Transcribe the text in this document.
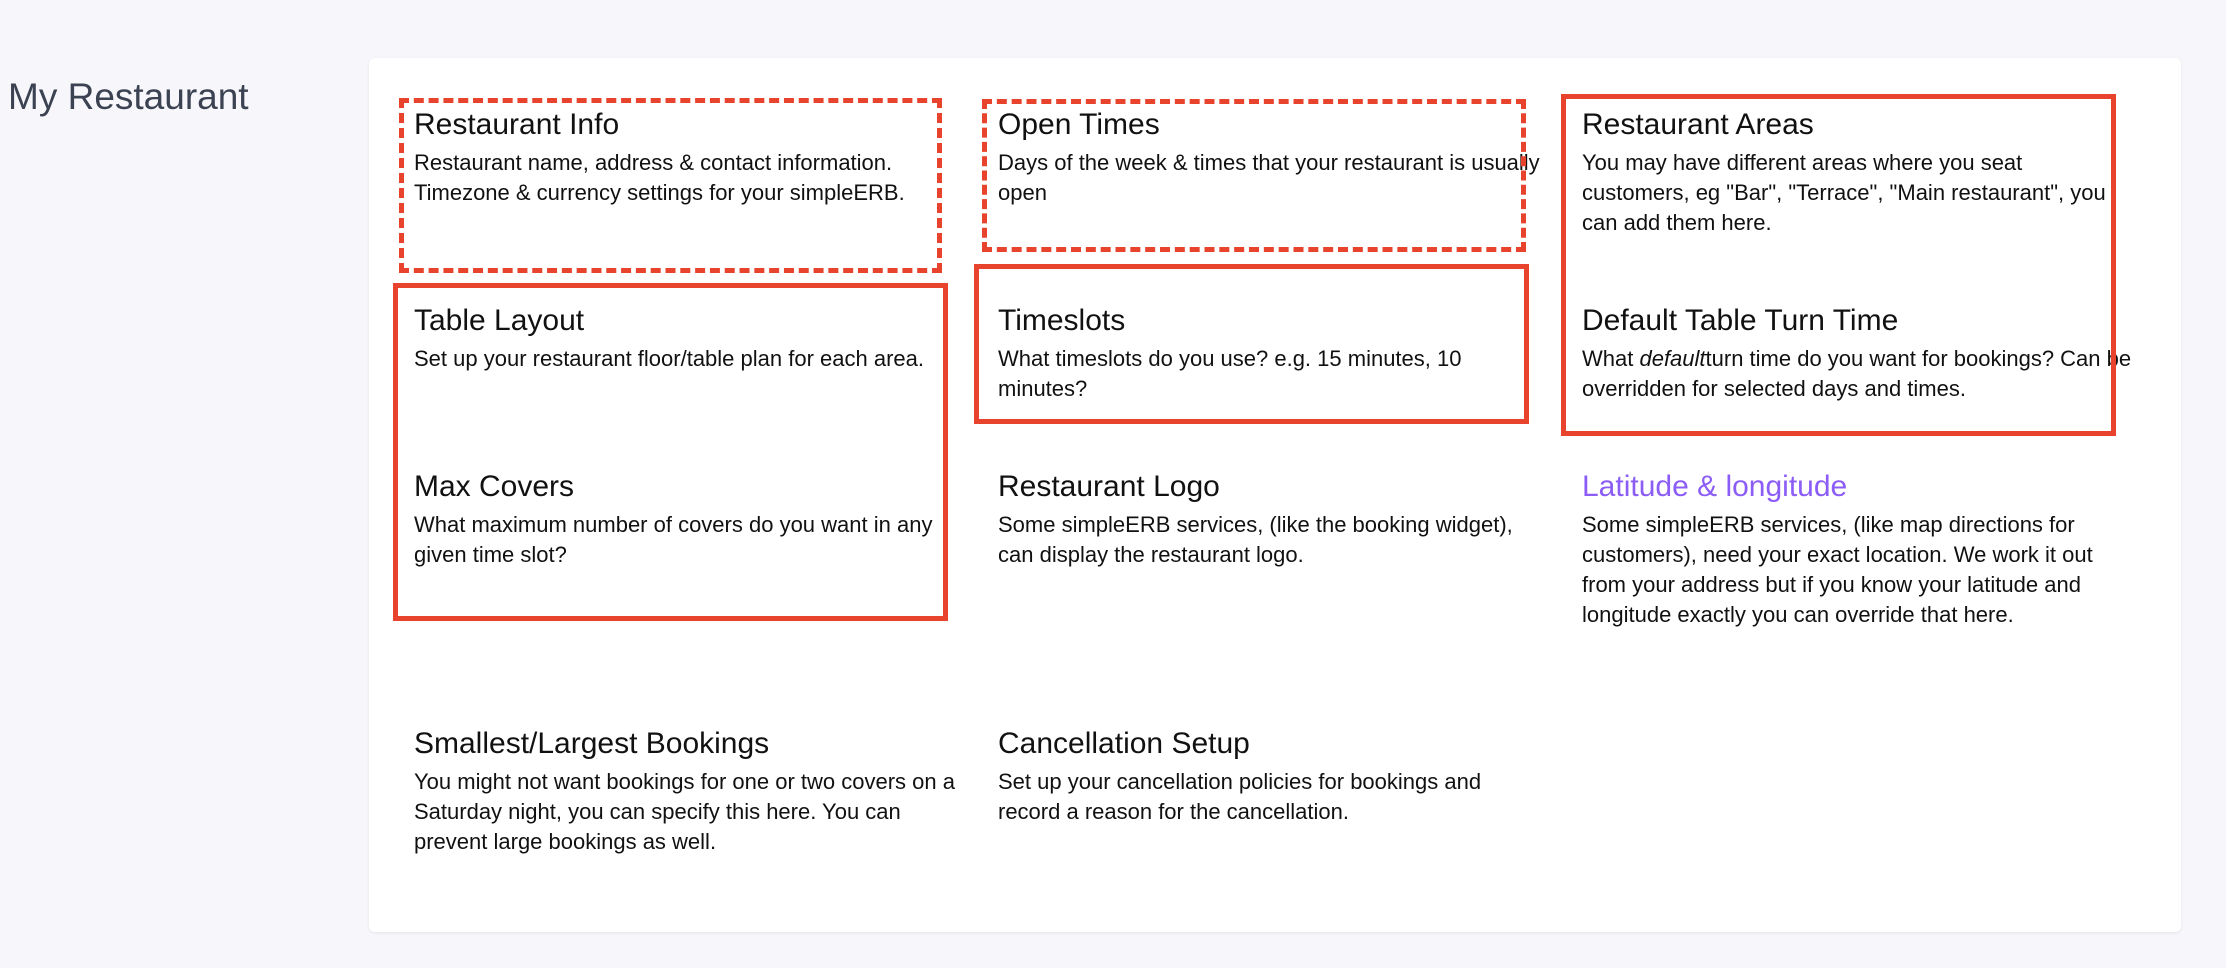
My Restaurant
Restaurant Info

Restaurant name, address & contact information. Timezone & currency settings for your simpleERB.

Open Times

Days of the week & times that your restaurant is usually open

Restaurant Areas

You may have different areas where you seat customers, eg "Bar", "Terrace", "Main restaurant", you can add them here.

Table Layout

Set up your restaurant floor/table plan for each area.

Timeslots

What timeslots do you use? e.g. 15 minutes, 10 minutes?

Default Table Turn Time

What defaultturn time do you want for bookings? Can be overridden for selected days and times.

Max Covers

What maximum number of covers do you want in any given time slot?

Restaurant Logo

Some simpleERB services, (like the booking widget), can display the restaurant logo.

Latitude & longitude

Some simpleERB services, (like map directions for customers), need your exact location. We work it out from your address but if you know your latitude and longitude exactly you can override that here.

Smallest/Largest Bookings

You might not want bookings for one or two covers on a Saturday night, you can specify this here. You can prevent large bookings as well.

Cancellation Setup

Set up your cancellation policies for bookings and record a reason for the cancellation.
